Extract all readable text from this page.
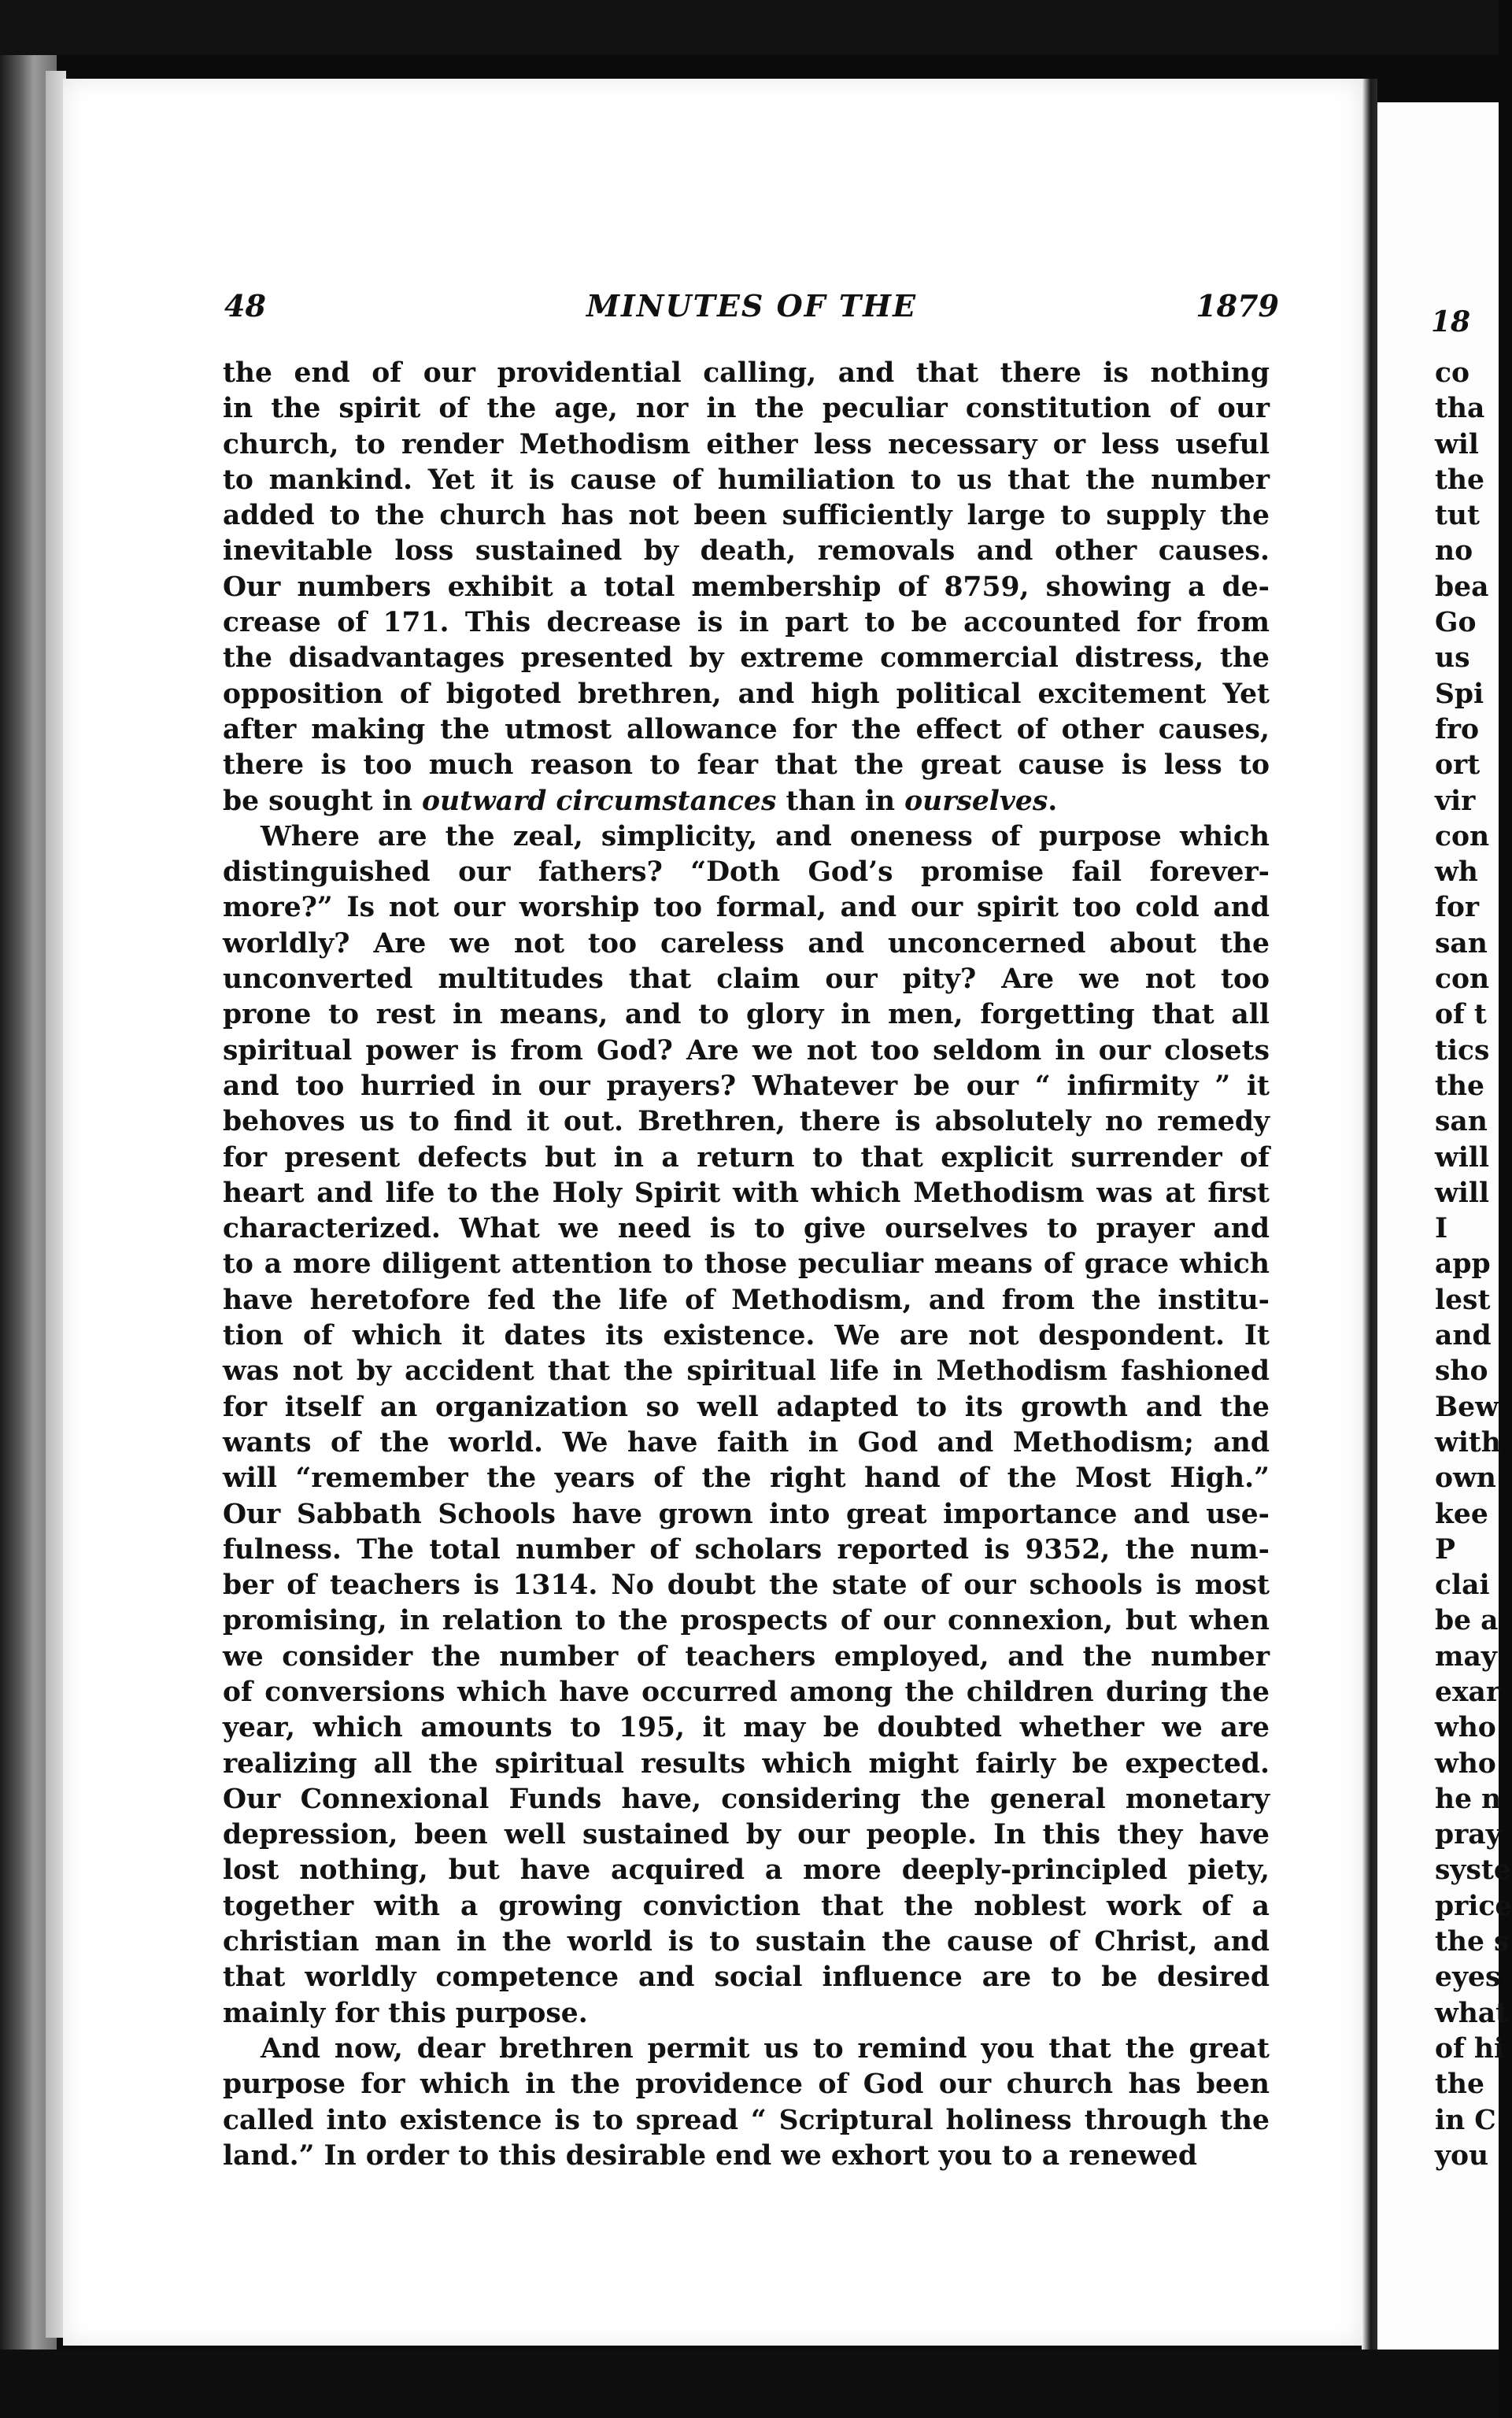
48	MINUTES OF THE	1879

the end of our providential calling, and that there is nothing

in the spirit of the age, nor in the peculiar constitution of our

church, to render Methodism either less necessary or less useful

to mankind. Yet it is cause of humiliation to us that the number

added to the church has not been sufficiently large to supply the

inevitable loss sustained by death, removals and other causes.

Our numbers exhibit a total membership of 8759, showing a de-

crease of 171. This decrease is in part to be accounted for from

the disadvantages presented by extreme commercial distress, the

opposition of bigoted brethren, and high political excitement Yet

after making the utmost allowance for the effect of other causes,

there is too much reason to fear that the great cause is less to

be sought in outward circumstances than in ourselves.

Where are the zeal, simplicity, and oneness of purpose which

distinguished our fathers? “Doth God’s promise fail forever-

more?” Is not our worship too formal, and our spirit too cold and

worldly? Are we not too careless and unconcerned about the

unconverted multitudes that claim our pity? Are we not too

prone to rest in means, and to glory in men, forgetting that all

spiritual power is from God? Are we not too seldom in our closets

and too hurried in our prayers? Whatever be our “ infirmity ” it

behoves us to find it out. Brethren, there is absolutely no remedy

for present defects but in a return to that explicit surrender of

heart and life to the Holy Spirit with which Methodism was at first

characterized. What we need is to give ourselves to prayer and

to a more diligent attention to those peculiar means of grace which

have heretofore fed the life of Methodism, and from the institu-

tion of which it dates its existence. We are not despondent. It

was not by accident that the spiritual life in Methodism fashioned

for itself an organization so well adapted to its growth and the

wants of the world. We have faith in God and Methodism; and

will “remember the years of the right hand of the Most High.”

Our Sabbath Schools have grown into great importance and use-

fulness. The total number of scholars reported is 9352, the num-

ber of teachers is 1314. No doubt the state of our schools is most

promising, in relation to the prospects of our connexion, but when

we consider the number of teachers employed, and the number

of conversions which have occurred among the children during the

year, which amounts to 195, it may be doubted whether we are

realizing all the spiritual results which might fairly be expected.

Our Connexional Funds have, considering the general monetary

depression, been well sustained by our people. In this they have

lost nothing, but have acquired a more deeply-principled piety,

together with a growing conviction that the noblest work of a

christian man in the world is to sustain the cause of Christ, and

that worldly competence and social influence are to be desired

mainly for this purpose.

And now, dear brethren permit us to remind you that the great

purpose for which in the providence of God our church has been

called into existence is to spread “ Scriptural holiness through the

land.” In order to this desirable end we exhort you to a renewed

18
co
tha
wil
the
tut
no
bea
Go
us
Spi
fro
ort
vir
con
wh
for
san
con
of t
tics
the
san
will
will
I
app
lest
and
sho
Bew
with
own
kee
P
clai
be a
may
exar
who
who
he n
pray
syste
price
the s
eyes
what
of hi
the
in C
you
